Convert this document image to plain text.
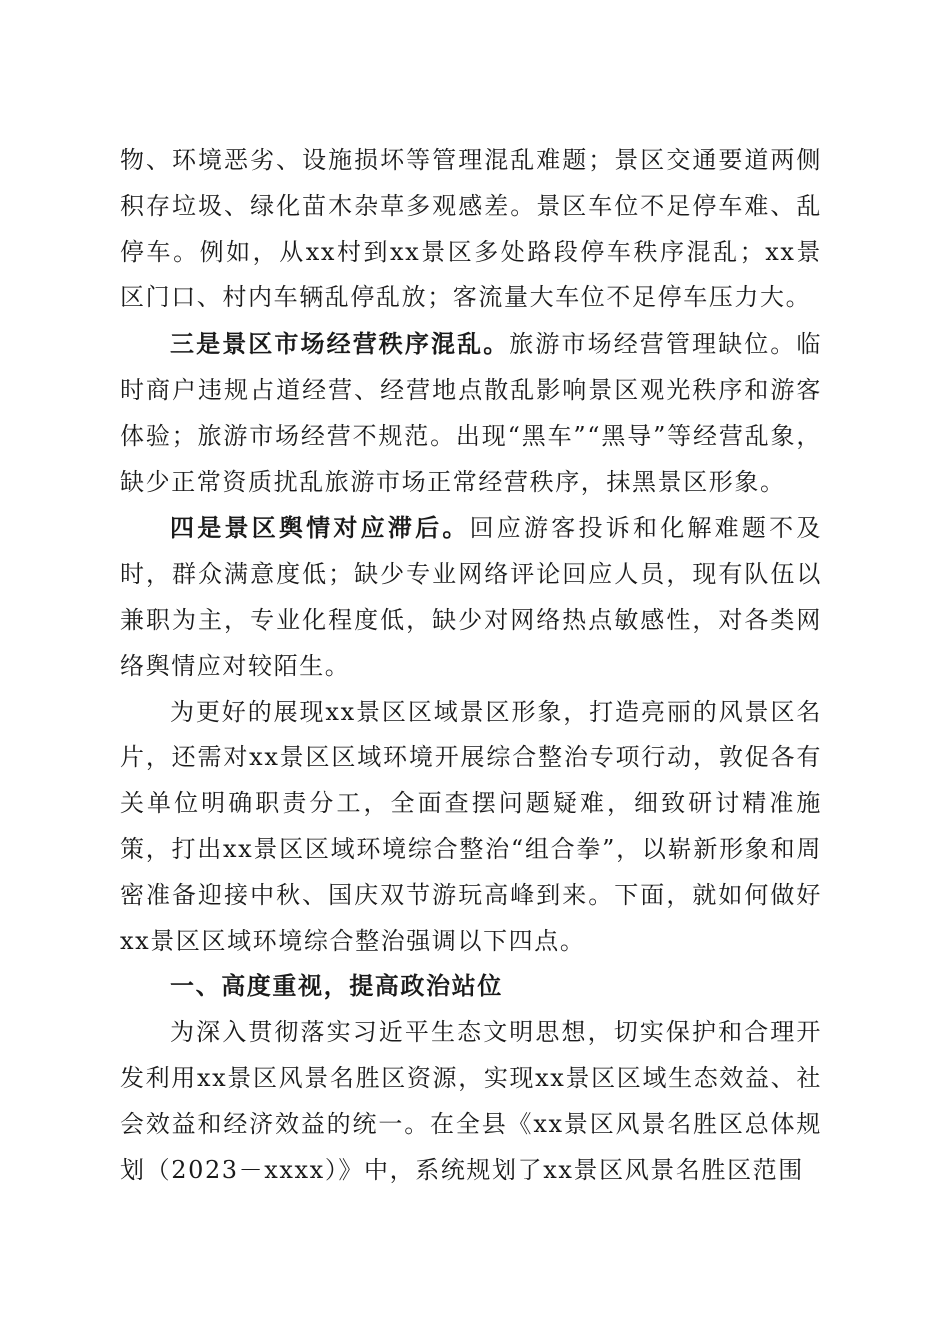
物、环境恶劣、设施损坏等管理混乱难题；景区交通要道两侧积存垃圾、绿化苗木杂草多观感差。景区车位不足停车难、乱停车。例如，从xx村到xx景区多处路段停车秩序混乱；xx景区门口、村内车辆乱停乱放；客流量大车位不足停车压力大。

三是景区市场经营秩序混乱。旅游市场经营管理缺位。临时商户违规占道经营、经营地点散乱影响景区观光秩序和游客体验；旅游市场经营不规范。出现“黑车”“黑导”等经营乱象，缺少正常资质扰乱旅游市场正常经营秩序，抹黑景区形象。

四是景区舆情对应滞后。回应游客投诉和化解难题不及时，群众满意度低；缺少专业网络评论回应人员，现有队伍以兼职为主，专业化程度低，缺少对网络热点敏感性，对各类网络舆情应对较陌生。

为更好的展现xx景区区域景区形象，打造亮丽的风景区名片，还需对xx景区区域环境开展综合整治专项行动，敦促各有关单位明确职责分工，全面查摆问题疑难，细致研讨精准施策，打出xx景区区域环境综合整治“组合拳”，以崭新形象和周密准备迎接中秋、国庆双节游玩高峰到来。下面，就如何做好xx景区区域环境综合整治强调以下四点。

一、高度重视，提高政治站位

为深入贯彻落实习近平生态文明思想，切实保护和合理开发利用xx景区风景名胜区资源，实现xx景区区域生态效益、社会效益和经济效益的统一。在全县《xx景区风景名胜区总体规划（2023－xxxx）》中，系统规划了xx景区风景名胜区范围
